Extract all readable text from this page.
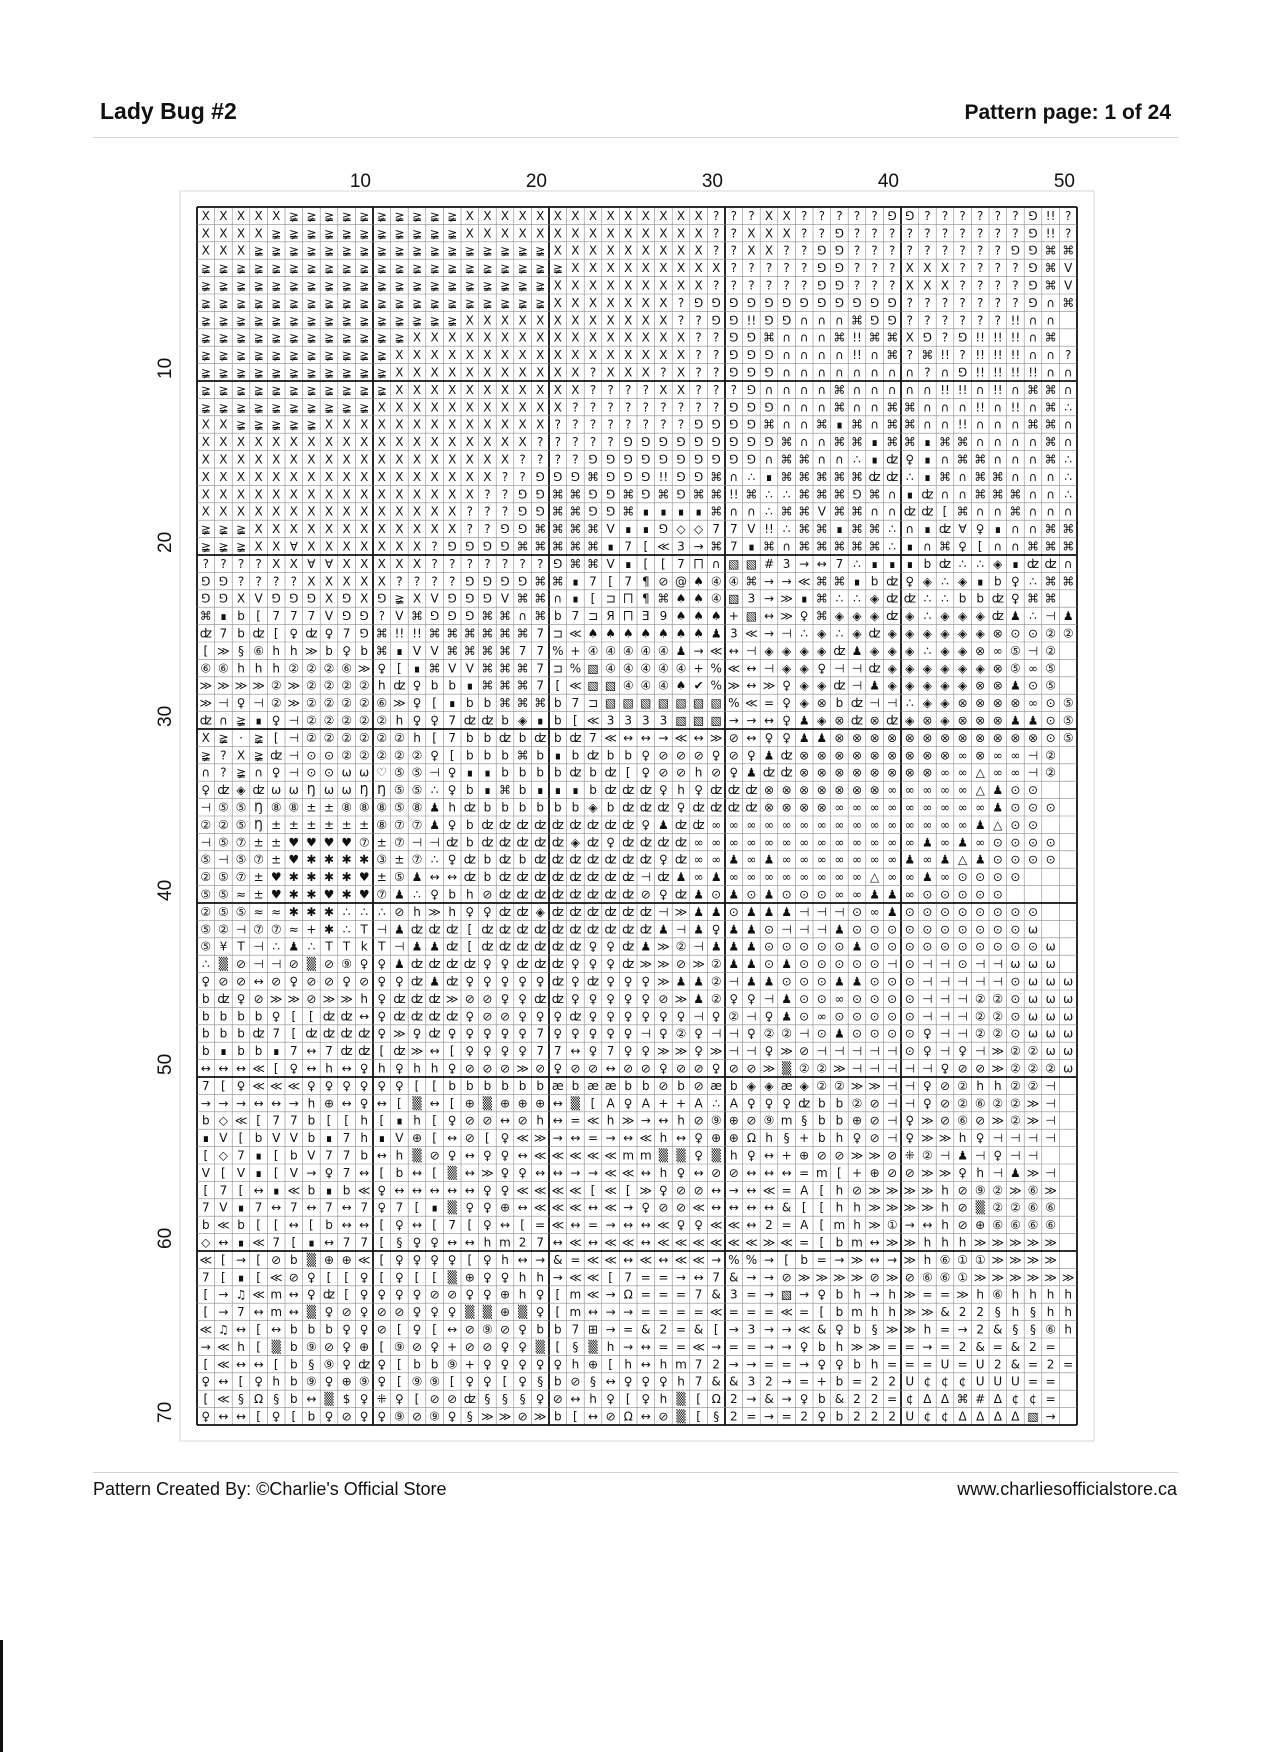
Lady Bug #2	Pattern page: 1 of 24
X X X X X ≩ ≩ ≩ ≩ ≩ ≩ ≩ ≩ ≩ ≩ X X X X X X X X X X X X X X ? ? ? X X ? ? ? ? ? ⅁ ⅁ ? ? ? ? ? ? ⅁ !! ?
X X X X ≩ ≩ ≩ ≩ ≩ ≩ ≩ ≩ ≩ ≩ ≩ X X X X X X X X X X X X X X ? ? X X X ? ? ⅁ ? ? ? ? ? ? ? ? ? ? ⅁ !! ?
X X X ≩ ≩ ≩ ≩ ≩ ≩ ≩ ≩ ≩ ≩ ≩ ≩ ≩ ≩ ≩ ≩ ≩ X X X X X X X X X ? ? X X ? ? ⅁ ⅁ ? ? ? ? ? ? ? ? ? ⅁ ⅁ ⌘ ⌘
≩ ≩ ≩ ≩ ≩ ≩ ≩ ≩ ≩ ≩ ≩ ≩ ≩ ≩ ≩ ≩ ≩ ≩ ≩ ≩ ≩ X X X X X X X X X ? ? ? ? ? ⅁ ⅁ ? ? ? X X X ? ? ? ? ⅁ ⌘ V
≩ ≩ ≩ ≩ ≩ ≩ ≩ ≩ ≩ ≩ ≩ ≩ ≩ ≩ ≩ ≩ ≩ ≩ ≩ ≩ X X X X X X X X X ? ? ? ? ? ? ⅁ ⅁ ? ? ? X X X ? ? ? ? ⅁ ⌘ V
≩ ≩ ≩ ≩ ≩ ≩ ≩ ≩ ≩ ≩ ≩ ≩ ≩ ≩ ≩ ≩ ≩ ≩ ≩ ≩ X X X X X X X ? ⅁ ⅁ ⅁ ⅁ ⅁ ⅁ ⅁ ⅁ ⅁ ⅁ ⅁ ⅁ ? ? ? ? ? ? ? ⅁ ∩ ⌘
≩ ≩ ≩ ≩ ≩ ≩ ≩ ≩ ≩ ≩ ≩ ≩ ≩ ≩ ≩ X X X X X X X X X X X X ? ? ⅁ ⅁ !! ⅁ ⅁ ∩ ∩ ∩ ⌘ ⅁ ⅁ ? ? ? ? ? ? !! ∩ ∩
≩ ≩ ≩ ≩ ≩ ≩ ≩ ≩ ≩ ≩ ≩ ≩ X X X X X X X X X X X X X X X X ? ? ⅁ ⅁ ⌘ ∩ ∩ ∩ ⌘ !! ⌘ ⌘ X ⅁ ? ⅁ !! !! !! ∩ ⌘
≩ ≩ ≩ ≩ ≩ ≩ ≩ ≩ ≩ ≩ ≩ X X X X X X X X X X X X X X X X X ? ? ⅁ ⅁ ⅁ ∩ ∩ ∩ ∩ !! ∩ ⌘ ? ⌘ !! ? !! !! !! ∩ ∩ ?
≩ ≩ ≩ ≩ ≩ ≩ ≩ ≩ ≩ ≩ ≩ X X X X X X X X X X X ? X X X ? X ? ? ⅁ ⅁ ⅁ ∩ ∩ ∩ ∩ ∩ ∩ ∩ ∩ ? ∩ ⅁ !! !! !! !! ∩ ∩
≩ ≩ ≩ ≩ ≩ ≩ ≩ ≩ ≩ ≩ ≩ X X X X X X X X X X X ? ? ? ? X X ? ? ? ⅁ ∩ ∩ ∩ ∩ ⌘ ∩ ∩ ∩ ∩ ∩ !! !! ∩ !! ∩ ⌘ ⌘ ∩
≩ ≩ ≩ ≩ ≩ ≩ ≩ ≩ ≩ ≩ X X X X X X X X X X X ? ? ? ? ? ? ? ? ? ⅁ ⅁ ⅁ ∩ ∩ ∩ ⌘ ∩ ∩ ⌘ ⌘ ∩ ∩ ∩ !! ∩ !! ∩ ⌘ ∴
X X ≩ ≩ ≩ ≩ ≩ X X X X X X X X X X X X X ? ? ? ? ? ? ? ? ⅁ ⅁ ⅁ ⅁ ⌘ ∩ ∩ ⌘ ∎ ⌘ ∩ ⌘ ⌘ ∩ ∩ !! ∩ ∩ ∩ ⌘ ⌘ ∩
X X X X X X X X X X X X X X X X X X X ? ? ? ? ? ⅁ ⅁ ⅁ ⅁ ⅁ ⅁ ⅁ ⅁ ⅁ ⌘ ∩ ∩ ⌘ ⌘ ∎ ⌘ ⌘ ∎ ⌘ ⌘ ∩ ∩ ∩ ∩ ⌘ ∩
X X X X X X X X X X X X X X X X X X ? ? ? ? ⅁ ⅁ ⅁ ⅁ ⅁ ⅁ ⅁ ⅁ ⅁ ⅁ ∩ ⌘ ⌘ ∩ ∩ ∴ ∎ ʣ ♀ ∎ ∩ ⌘ ⌘ ∩ ∩ ∩ ⌘ ∴
X X X X X X X X X X X X X X X X X ? ? ⅁ ⅁ ⅁ ⌘ ⅁ ⅁ ⅁ !! ⅁ ⅁ ⌘ ∩ ∴ ∎ ⌘ ⌘ ⌘ ⌘ ⌘ ʣ ʣ ∴ ∎ ⌘ ∩ ⌘ ⌘ ∩ ∩ ∩ ∴
X X X X X X X X X X X X X X X X ? ? ⅁ ⅁ ⌘ ⌘ ⅁ ⅁ ⌘ ⅁ ⌘ ⅁ ⌘ ⌘ !! ⌘ ∴ ∴ ⌘ ⌘ ⌘ ⅁ ⌘ ∩ ∎ ʣ ∩ ∩ ⌘ ⌘ ⌘ ∩ ∩ ∴
X X X X X X X X X X X X X X X ? ? ? ⅁ ⅁ ⌘ ⌘ ⅁ ⅁ ⌘ ∎ ∎ ∎ ∎ ⌘ ∩ ∩ ∴ ⌘ ⌘ V ⌘ ⌘ ∩ ∩ ʣ ʣ [ ⌘ ∩ ∩ ⌘ ∩ ∩ ∩
≩ ≩ ≩ X X X X X X X X X X X X ? ? ⅁ ⅁ ⌘ ⌘ ⌘ ⌘ V ∎ ∎ ⅁ ◇ ◇ 7 7 V !! ∴ ⌘ ⌘ ∎ ⌘ ⌘ ∴ ∩ ∎ ʣ ∀ ♀ ∎ ∩ ∩ ⌘ ⌘
≩ ≩ ≩ X X ∀ X X X X X X X ? ⅁ ⅁ ⅁ ⅁ ⌘ ⌘ ⌘ ⌘ ⌘ ∎ 7 [ ≪ 3 → ⌘ 7 ∎ ⌘ ∩ ⌘ ⌘ ⌘ ⌘ ⌘ ∴ ∎ ∩ ⌘ ♀ [ ∩ ∩ ⌘ ⌘ ⌘
? ? ? ? X X ∀ ∀ X X X X X ? ? ? ? ? ? ? ⅁ ⌘ ⌘ V ∎ [ [ 7 ⨅ ∩ ▧ ▧ # 3 → ↔ 7 ∴ ∎ ∎ ∎ b ʣ ∴ ∴ ◈ ∎ ʣ ʣ ∩
⅁ ⅁ ? ? ? ? X X X X X ? ? ? ? ⅁ ⅁ ⅁ ⅁ ⌘ ⌘ ∎ 7 [ 7 ¶ ⊘ @ ♠ ④ ④ ⌘ → → ≪ ⌘ ⌘ ∎ b ʣ ♀ ◈ ∴ ◈ ∎ b ♀ ∴ ⌘ ⌘
⅁ ⅁ X V ⅁ ⅁ ⅁ X ⅁ X ⅁ ≩ X V ⅁ ⅁ ⅁ V ⌘ ⌘ ∩ ∎ [ ⊐ ⨅ ¶ ⌘ ♠ ♠ ④ ▧ 3 → ≫ ∎ ⌘ ∴ ∴ ◈ ʣ ʣ ∴ ∴ b b ʣ ♀ ⌘ ⌘
⌘ ∎ b [ 7 7 7 V ⅁ ⅁ ? V ⌘ ⅁ ⅁ ⅁ ⌘ ⌘ ∩ ⌘ b 7 ⊐ Я ⨅ Ǝ 9 ♠ ♠ ♠ + ▧ ↔ ≫ ♀ ⌘ ◈ ◈ ◈ ʣ ◈ ∴ ◈ ◈ ◈ ʣ ♟ ∴ ⊣ ♟
ʣ 7 b ʣ [ ♀ ʣ ♀ 7 ⅁ ⌘ !! !! ⌘ ⌘ ⌘ ⌘ ⌘ ⌘ 7 ⊐ ≪ ♠ ♠ ♠ ♠ ♠ ♠ ♠ ♟ 3 ≪ → ⊣ ∴ ◈ ∴ ◈ ʣ ◈ ◈ ◈ ◈ ◈ ◈ ⊗ ⊙ ⊙ ② ②
[ ≫ § ⑥ h h ≫ b ♀ b ⌘ ∎ V V ⌘ ⌘ ⌘ ⌘ 7 7 % + ④ ④ ④ ④ ④ ♟ → ≪ ↔ ⊣ ◈ ◈ ◈ ◈ ʣ ♟ ◈ ◈ ◈ ∴ ◈ ◈ ⊗ ∞ ⑤ ⊣ ②
⑥ ⑥ h h h ② ② ② ⑥ ≫ ♀ [ ∎ ⌘ V V ⌘ ⌘ ⌘ 7 ⊐ % ▧ ④ ④ ④ ④ ④ + % ≪ ↔ ⊣ ◈ ◈ ♀ ⊣ ⊣ ʣ ◈ ◈ ◈ ◈ ◈ ◈ ⊗ ⑤ ∞ ⑤
≫ ≫ ≫ ≫ ② ≫ ② ② ② ② h ʣ ♀ b b ∎ ⌘ ⌘ ⌘ 7 [ ≪ ▧ ▧ ④ ④ ④ ♠ ✔ % ≫ ↔ ≫ ♀ ◈ ◈ ʣ ⊣ ♟ ◈ ◈ ◈ ◈ ◈ ⊗ ⊗ ♟ ⊙ ⑤
≫ ⊣ ♀ ⊣ ② ≫ ② ② ② ② ⑥ ≫ ♀ [ ∎ b b ⌘ ⌘ ⌘ b 7 ⊐ ▧ ▧ ▧ ▧ ▧ ▧ ▧ % ≪ = ♀ ◈ ⊗ b ʣ ⊣ ⊣ ∴ ◈ ◈ ⊗ ⊗ ⊗ ⊗ ∞ ⊙ ⑤
ʣ ∩ ≩ ∎ ♀ ⊣ ② ② ② ② ② h ♀ ♀ 7 ʣ ʣ b ◈ ∎ b [ ≪ 3 3 3 3 ▧ ▧ ▧ → → ↔ ♀ ♟ ◈ ⊗ ʣ ⊗ ʣ ◈ ⊗ ◈ ⊗ ⊗ ⊗ ♟ ♟ ⊙ ⑤
X ≩ · ≩ [ ⊣ ② ② ② ② ② ② h [ 7 b b ʣ b ʣ b ʣ 7 ≪ ↔ ↔ → ≪ ↔ ≫ ⊘ ↔ ♀ ♀ ♟ ♟ ⊗ ⊗ ⊗ ⊗ ⊗ ⊗ ⊗ ⊗ ⊗ ⊗ ⊗ ⊗ ⊙ ⑤
≩ ? X ≩ ʣ ⊣ ⊙ ⊙ ② ② ② ② ② ♀ [ b b b ⌘ b ∎ b ʣ b b ♀ ⊘ ⊘ ⊘ ♀ ⊘ ♀ ♟ ʣ ⊗ ⊗ ⊗ ⊗ ⊗ ⊗ ⊗ ⊗ ⊗ ∞ ⊗ ∞ ∞ ⊣ ②
∩ ? ≩ ∩ ♀ ⊣ ⊙ ⊙ ω ω ♡ ⑤ ⑤ ⊣ ♀ ∎ ∎ b b b b ʣ b ʣ [ ♀ ⊘ ⊘ h ⊘ ♀ ♟ ʣ ʣ ⊗ ⊗ ⊗ ⊗ ⊗ ⊗ ⊗ ⊗ ∞ ∞ △ ∞ ∞ ⊣ ②
♀ ʣ ◈ ʣ ω ω Ŋ ω ω Ŋ Ŋ ⑤ ⑤ ∴ ♀ b ∎ ⌘ b ∎ ∎ ∎ b ʣ ʣ ʣ ♀ h ♀ ʣ ʣ ʣ ⊗ ⊗ ⊗ ⊗ ⊗ ⊗ ⊗ ∞ ∞ ∞ ∞ ∞ △ ♟ ⊙ ⊙
⊣ ⑤ ⑤ Ŋ ⑧ ⑧ ± ± ⑧ ⑧ ⑧ ⑤ ⑧ ♟ h ʣ b b b b b b ◈ b ʣ ʣ ʣ ♀ ʣ ʣ ʣ ʣ ⊗ ⊗ ⊗ ⊗ ∞ ∞ ∞ ∞ ∞ ∞ ∞ ∞ ∞ ♟ ⊙ ⊙ ⊙
② ② ⑤ Ŋ ± ± ± ± ± ± ⑧ ⑦ ⑦ ♟ ♀ b ʣ ʣ ʣ ʣ ʣ ʣ ʣ ʣ ʣ ♀ ♟ ʣ ʣ ∞ ∞ ∞ ∞ ∞ ∞ ∞ ∞ ∞ ∞ ∞ ∞ ∞ ∞ ∞ ♟ △ ⊙ ⊙
⊣ ⑤ ⑦ ± ± ♥ ♥ ♥ ♥ ⑦ ± ⑦ ⊣ ⊣ ʣ b ʣ ʣ ʣ ʣ ʣ ◈ ʣ ♀ ʣ ʣ ʣ ʣ ∞ ∞ ∞ ∞ ∞ ∞ ∞ ∞ ∞ ∞ ∞ ∞ ∞ ♟ ∞ ♟ ∞ ⊙ ⊙ ⊙ ⊙
⑤ ⊣ ⑤ ⑦ ± ♥ ✱ ✱ ✱ ✱ ③ ± ⑦ ∴ ♀ ʣ b ʣ b ʣ ʣ ʣ ʣ ʣ ʣ ʣ ♀ ʣ ∞ ∞ ♟ ∞ ♟ ∞ ∞ ∞ ∞ ∞ ∞ ∞ ♟ ∞ ♟ △ ♟ ⊙ ⊙ ⊙ ⊙
② ⑤ ⑦ ± ♥ ✱ ✱ ✱ ✱ ♥ ± ⑤ ♟ ↔ ↔ ʣ b ʣ ʣ ʣ ʣ ʣ ʣ ʣ ʣ ⊣ ʣ ♟ ∞ ♟ ∞ ∞ ∞ ∞ ∞ ∞ ∞ ∞ △ ∞ ∞ ♟ ∞ ⊙ ⊙ ⊙ ⊙
⑤ ⑤ ≈ ± ♥ ✱ ✱ ♥ ✱ ♥ ⑦ ♟ ∴ ♀ b h ⊘ ʣ ʣ ʣ ʣ ʣ ʣ ʣ ʣ ⊘ ♀ ʣ ♟ ⊙ ♟ ⊙ ♟ ⊙ ⊙ ⊙ ∞ ∞ ♟ ♟ ∞ ⊙ ⊙ ⊙ ⊙ ⊙
② ⑤ ⑤ ≈ ≈ ✱ ✱ ✱ ∴ ∴ ∴ ⊘ h ≫ h ♀ ♀ ʣ ʣ ◈ ʣ ʣ ʣ ʣ ʣ ʣ ⊣ ≫ ♟ ♟ ⊙ ♟ ♟ ♟ ⊣ ⊣ ⊣ ⊙ ∞ ♟ ⊙ ⊙ ⊙ ⊙ ⊙ ⊙ ⊙ ⊙
⑤ ② ⊣ ⑦ ⑦ ≈ + ✱ ∴ T ⊣ ♟ ʣ ʣ ʣ [ ʣ ʣ ʣ ʣ ʣ ʣ ʣ ʣ ʣ ʣ ♟ ⊣ ♟ ♀ ♟ ♟ ⊙ ⊣ ⊣ ⊣ ♟ ⊙ ⊙ ⊙ ⊙ ⊙ ⊙ ⊙ ⊙ ⊙ ⊙ ω
⑤ ¥ T ⊣ ∴ ♟ ∴ T T k T ⊣ ♟ ♟ ʣ [ ʣ ʣ ʣ ʣ ʣ ʣ ♀ ♀ ʣ ♟ ≫ ② ⊣ ♟ ♟ ♟ ⊙ ⊙ ⊙ ⊙ ⊙ ♟ ⊙ ⊙ ⊙ ⊙ ⊙ ⊙ ⊙ ⊙ ⊙ ⊙ ω
∴ ▒ ⊘ ⊣ ⊣ ⊘ ▒ ⊘ ⑨ ♀ ♀ ♟ ʣ ʣ ʣ ʣ ♀ ♀ ʣ ʣ ʣ ♀ ♀ ♀ ʣ ≫ ≫ ⊘ ≫ ② ♟ ♟ ⊙ ♟ ⊙ ⊙ ⊙ ⊙ ⊙ ⊣ ⊙ ⊣ ⊣ ⊙ ⊣ ⊣ ω ω ω
♀ ⊘ ⊘ ↔ ⊘ ♀ ⊘ ⊘ ♀ ⊘ ♀ ♀ ʣ ♟ ʣ ♀ ♀ ♀ ♀ ♀ ʣ ♀ ʣ ♀ ♀ ♀ ≫ ♟ ♟ ② ⊣ ♟ ♟ ⊙ ⊙ ⊙ ♟ ♟ ⊙ ⊙ ⊙ ⊣ ⊣ ⊣ ⊣ ⊣ ⊙ ω ω ω
b ʣ ♀ ⊘ ≫ ≫ ⊘ ≫ ≫ h ♀ ʣ ʣ ʣ ≫ ⊘ ⊘ ♀ ♀ ʣ ʣ ♀ ♀ ♀ ♀ ♀ ⊘ ≫ ♟ ② ♀ ♀ ⊣ ♟ ⊙ ⊙ ∞ ⊙ ⊙ ⊙ ⊙ ⊣ ⊣ ⊣ ② ② ⊙ ω ω ω
b b b b ♀ [ [ ʣ ʣ ↔ ♀ ʣ ʣ ʣ ʣ ♀ ⊘ ⊘ ♀ ♀ ♀ ʣ ♀ ♀ ♀ ♀ ♀ ♀ ⊣ ♀ ② ⊣ ♀ ♟ ⊙ ∞ ⊙ ⊙ ⊙ ⊙ ⊙ ⊣ ⊣ ⊣ ② ② ⊙ ω ω ω
b b b ʣ 7 [ ʣ ʣ ʣ ʣ ♀ ≫ ♀ ʣ ♀ ♀ ♀ ♀ ♀ 7 ♀ ♀ ♀ ♀ ♀ ⊣ ♀ ② ♀ ⊣ ⊣ ♀ ② ② ⊣ ⊙ ♟ ⊙ ⊙ ⊙ ⊙ ♀ ⊣ ⊣ ② ② ⊙ ω ω ω
b ∎ b b ∎ 7 ↔ 7 ʣ ʣ [ ʣ ≫ ↔ [ ♀ ♀ ♀ ♀ 7 7 ↔ ♀ 7 ♀ ♀ ≫ ≫ ♀ ≫ ⊣ ⊣ ♀ ≫ ⊘ ⊣ ⊣ ⊣ ⊣ ⊣ ⊙ ♀ ⊣ ♀ ⊣ ≫ ② ② ω ω
↔ ↔ ↔ ≪ [ ♀ ↔ h ↔ ♀ h ♀ h h ♀ ⊘ ⊘ ⊘ ≫ ⊘ ♀ ⊘ ⊘ ↔ ⊘ ⊘ ♀ ⊘ ⊘ ♀ ⊘ ⊘ ≫ ▒ ② ② ≫ ⊣ ⊣ ⊣ ⊣ ⊣ ♀ ⊘ ⊘ ≫ ② ② ② ω
7 [ ♀ ≪ ≪ ≪ ♀ ♀ ♀ ♀ ♀ ♀ [ [ b b b b b b æ b æ æ b b ⊘ b ⊘ æ b ◈ ◈ æ ◈ ② ② ≫ ≫ ⊣ ⊣ ♀ ⊘ ② h h ② ② ⊣
→ → → ↔ ↔ → h ⊕ ↔ ♀ ↔ [ ▒ ↔ [ ⊕ ▒ ⊕ ⊕ ⊕ ↔ ▒ [ A ♀ A + + A ∴ A ♀ ♀ ♀ ʣ b b ② ⊘ ⊣ ⊣ ♀ ⊘ ② ⑥ ② ② ≫ ⊣
b ◇ ≪ [ 7 7 b [ [ h [ ∎ h [ ♀ ⊘ ⊘ ↔ ⊘ h ↔ = ≪ h ≫ → ↔ h ⊘ ⑨ ⊕ ⊘ ⑨ m § b b ⊕ ⊘ ⊣ ♀ ≫ ⊘ ⑥ ⊘ ≫ ② ≫ ⊣
∎ V [ b V V b ∎ 7 h ∎ V ⊕ [ ↔ ⊘ [ ♀ ≪ ≫ → ↔ = → ↔ ≪ h ↔ ♀ ⊕ ⊕ Ω h § + b h ♀ ⊘ ⊣ ♀ ≫ ≫ h ♀ ⊣ ⊣ ⊣ ⊣
[ ◇ 7 ∎ [ b V 7 7 b ↔ h ▒ ⊘ ♀ ↔ ♀ ♀ ↔ ≪ ≪ ≪ ≪ ≪ m m ▒ ▒ ♀ ▒ h ♀ ↔ + ⊕ ⊘ ⊘ ≫ ≫ ⊘ ⁜ ② ⊣ ♟ ⊣ ♀ ⊣ ⊣
V [ V ∎ [ V → ♀ 7 ↔ [ b ↔ [ ▒ ↔ ≫ ♀ ♀ ↔ ↔ → → ≪ ≪ ↔ h ♀ ↔ ⊘ ⊘ ↔ ↔ ↔ = m [ + ⊕ ⊘ ⊘ ≫ ≫ ♀ h ⊣ ♟ ≫ ⊣
[ 7 [ ↔ ∎ ≪ b ∎ b ≪ ♀ ↔ ↔ ↔ ↔ ↔ ♀ ♀ ≪ ≪ ≪ ≪ [ ≪ [ ≫ ♀ ⊘ ⊘ ↔ → ↔ ≪ = A [ h ⊘ ≫ ≫ ≫ ≫ h ⊘ ⑨ ② ≫ ⑥ ≫
7 V ∎ 7 ↔ 7 ↔ 7 ↔ 7 ♀ 7 [ ∎ ▒ ♀ ♀ ⊕ ↔ ≪ ≪ ≪ ↔ ≪ → ♀ ⊘ ⊘ ≪ ↔ ↔ ↔ ↔ & [ [ h h ≫ ≫ ≫ ≫ h ⊘ ▒ ② ② ⑥ ⑥
b ≪ b [ [ ↔ [ b ↔ ↔ [ ♀ ↔ [ 7 [ ♀ ↔ [ = ≪ ↔ = → ↔ ↔ ≪ ♀ ♀ ≪ ≪ ↔ 2 = A [ m h ≫ ① → ↔ h ⊘ ⊕ ⑥ ⑥ ⑥ ⑥
◇ ↔ ∎ ≪ 7 [ ∎ ↔ 7 7 [ § ♀ ♀ ↔ ↔ h m 2 7 ↔ ≪ ↔ ≪ ≪ ↔ ≪ ≪ ≪ ≪ ≪ ≪ ≫ ≪ = [ b m ↔ ≫ ≫ h h h ≫ ≫ ≫ ≫ ≫
≪ [ → [ ⊘ b ▒ ⊕ ⊕ ≪ [ ♀ ♀ ♀ ♀ [ ♀ h ↔ → & = ≪ ≪ ↔ ≪ ↔ ≪ ≪ → % % → [ b = → ≫ ↔ → ≫ h ⑥ ① ① ≫ ≫ ≫ ≫
7 [ ∎ [ ≪ ⊘ ♀ [ [ ♀ [ ♀ [ [ ▒ ⊕ ♀ ♀ h h → ≪ ≪ [ 7 = = → ↔ 7 & → → ⊘ ≫ ≫ ≫ ≫ ⊘ ≫ ⊘ ⑥ ⑥ ① ≫ ≫ ≫ ≫ ≫ ≫
[ → ♫ ≪ m ↔ ♀ ʣ [ ♀ ♀ ♀ ♀ ⊘ ⊘ ♀ ♀ ⊕ h ♀ [ m ≪ → Ω = = = 7 & 3 = → ▧ → ♀ b h → h ≫ = = ≫ h ⑥ h h h h
[ → 7 ↔ m ↔ ▒ ♀ ⊘ ♀ ⊘ ⊘ ♀ ♀ ♀ ▒ ▒ ⊕ ▒ ♀ [ m ↔ → → = = = = ≪ = = = ≪ = [ b m h h ≫ ≫ & 2 2 § h § h h
≪ ♫ ↔ [ ↔ b b b ♀ ♀ ⊘ [ ♀ [ ↔ ⊘ ⑨ ⊘ ♀ b b 7 ⊞ → = & 2 = & [ → 3 → → ≪ & ♀ b § ≫ ≫ h = → 2 & § § ⑥ h
→ ≪ h [ ▒ b ⑨ ⊘ ♀ ⊕ [ ⑨ ⊘ ♀ + ⊘ ⊘ ♀ ♀ ▒ [ § ▒ h → ↔ = = ≪ → = = → → ♀ b h ≫ ≫ = = → = 2 & = & 2 =
[ ≪ ↔ ↔ [ b § ⑨ ♀ ʣ ♀ [ b b ⑨ + ♀ ♀ ♀ ♀ ♀ h ⊕ [ h ↔ h m 7 2 → → = = → ♀ ♀ b h = = = U = U 2 & = 2 =
♀ ↔ [ ♀ h b ⑨ ♀ ⊕ ⑨ ♀ [ ⑨ ⑨ [ ♀ ♀ [ ♀ § b ⊘ § ↔ ♀ ♀ ♀ h 7 & & 3 2 → = + b = 2 2 U ¢ ¢ ¢ U U U = =
[ ≪ § Ω § b ↔ ▒ $ ♀ ⁜ ♀ [ ⊘ ⊘ ʣ § § § ♀ ⊘ ↔ h ♀ [ ♀ h ▒ [ Ω 2 → & → ♀ b & 2 2 = ¢ Δ Δ ⌘ # Δ ¢ ¢ =
♀ ↔ ↔ [ ♀ [ b ♀ ⊘ ♀ ♀ ⑨ ⊘ ⑨ ♀ § ≫ ≫ ⊘ ≫ b [ ↔ ⊘ Ω ↔ ⊘ ▒ [ § 2 = → = 2 ♀ b 2 2 2 U ¢ ¢ Δ Δ Δ Δ ▧ →
10	20	30	40	50
10
20
30
40
50
60
70
Pattern Created By: ©Charlie's Official Store	www.charliesofficialstore.ca
